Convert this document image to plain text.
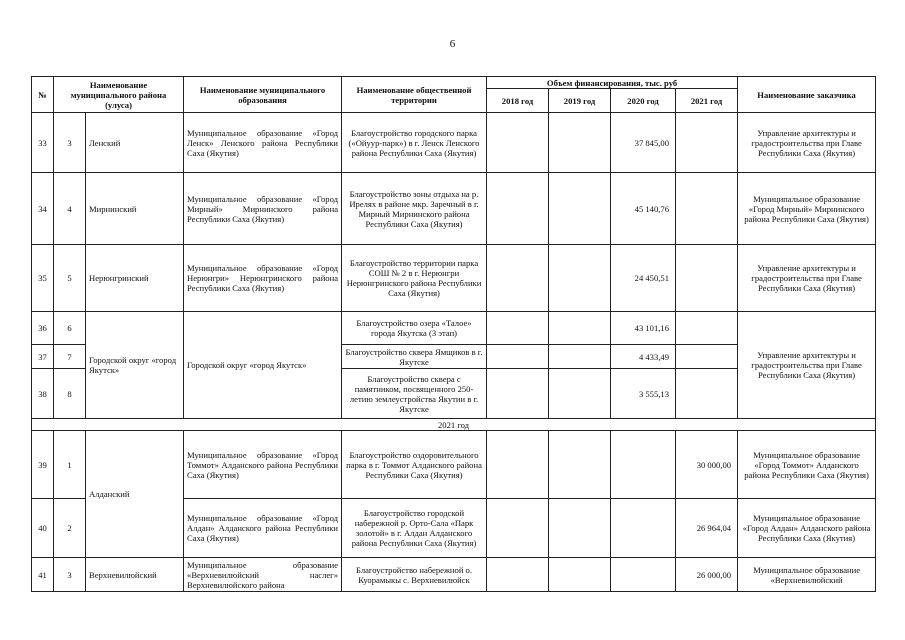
6
№	Наименование муниципального района (улуса)		Наименование муниципального образования	Наименование общественной территории	Объем финансирования, тыс. руб				Наименование заказчика
					2018 год	2019 год	2020 год	2021 год	
33	3	Ленский	Муниципальное образование «Город Ленск» Ленского района Республики Саха (Якутия)	Благоустройство городского парка («Ойуур-парк») в г. Ленск Ленского района Республики Саха (Якутия)			37 845,00		Управление архитектуры и градостроительства при Главе Республики Саха (Якутия)
34	4	Мирнинский	Муниципальное образование «Город Мирный» Мирнинского района Республики Саха (Якутия)	Благоустройство зоны отдыха на р. Ирелях в районе мкр. Заречный в г. Мирный Мирнинского района Республики Саха (Якутия)			45 140,76		Муниципальное образование «Город Мирный» Мирнинского района Республики Саха (Якутия)
35	5	Нерюнгринский	Муниципальное образование «Город Нерюнгри» Нерюнгринского района Республики Саха (Якутия)	Благоустройство территории парка СОШ № 2 в г. Нерюнгри Нерюнгринского района Республики Саха (Якутия)			24 450,51		Управление архитектуры и градостроительства при Главе Республики Саха (Якутия)
36	6	Городской округ «город Якутск»	Городской округ «город Якутск»	Благоустройство озера «Талое» города Якутска (3 этап)			43 101,16		Управление архитектуры и градостроительства при Главе Республики Саха (Якутия)
37	7			Благоустройство сквера Ямщиков в г. Якутске			4 433,49		
38	8			Благоустройство сквера с памятником, посвященного 250-летию землеустройства Якутии в г. Якутске			3 555,13		
2021 год									
39	1	Алданский	Муниципальное образование «Город Томмот» Алданского района Республики Саха (Якутия)	Благоустройство оздоровительного парка в г. Томмот Алданского района Республики Саха (Якутия)				30 000,00	Муниципальное образование «Город Томмот» Алданского района Республики Саха (Якутия)
40	2		Муниципальное образование «Город Алдан» Алданского района Республики Саха (Якутия)	Благоустройство городской набережной р. Орто-Сала «Парк золотой» в г. Алдан Алданского района Республики Саха (Якутия)				26 964,04	Муниципальное образование «Город Алдан» Алданского района Республики Саха (Якутия)
41	3	Верхневилюйский	Муниципальное образование «Верхневилюйский наслег» Верхневилюйского района	Благоустройство набережной о. Куорамыкы с. Верхневилюйск				26 000,00	Муниципальное образование «Верхневилюйский
